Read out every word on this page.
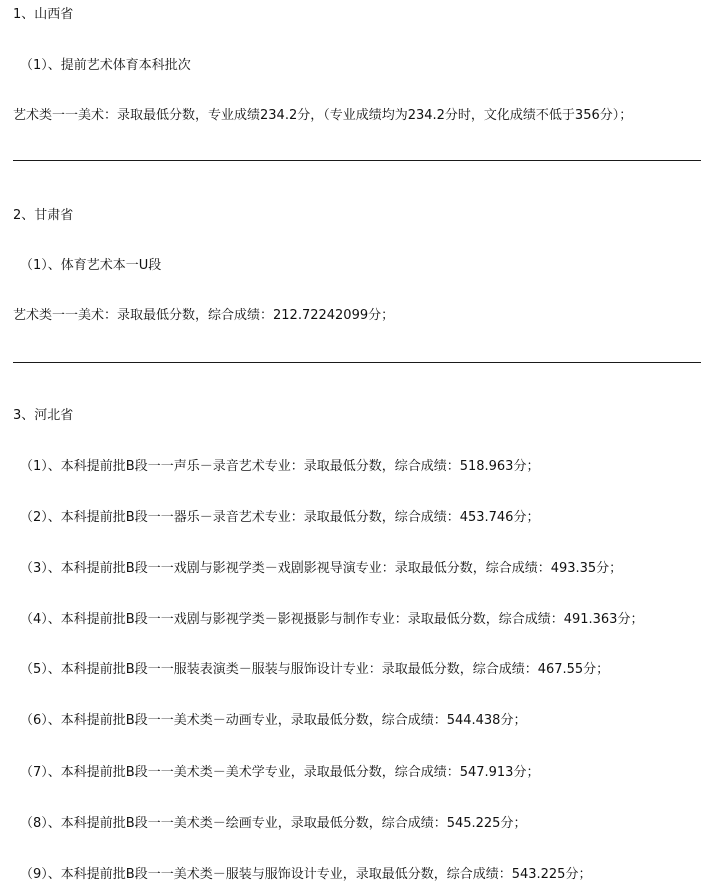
1、山西省
（1）、提前艺术体育本科批次
艺术类一一美术：录取最低分数，专业成绩234.2分，（专业成绩均为234.2分时，文化成绩不低于356分）；
2、甘肃省
（1）、体育艺术本一U段
艺术类一一美术：录取最低分数，综合成绩：212.72242099分；
3、河北省
（1）、本科提前批B段一一声乐－录音艺术专业：录取最低分数，综合成绩：518.963分；
（2）、本科提前批B段一一器乐－录音艺术专业：录取最低分数，综合成绩：453.746分；
（3）、本科提前批B段一一戏剧与影视学类－戏剧影视导演专业：录取最低分数，综合成绩：493.35分；
（4）、本科提前批B段一一戏剧与影视学类－影视摄影与制作专业：录取最低分数，综合成绩：491.363分；
（5）、本科提前批B段一一服装表演类－服装与服饰设计专业：录取最低分数，综合成绩：467.55分；
（6）、本科提前批B段一一美术类－动画专业，录取最低分数，综合成绩：544.438分；
（7）、本科提前批B段一一美术类－美术学专业，录取最低分数，综合成绩：547.913分；
（8）、本科提前批B段一一美术类－绘画专业，录取最低分数，综合成绩：545.225分；
（9）、本科提前批B段一一美术类－服装与服饰设计专业，录取最低分数，综合成绩：543.225分；
